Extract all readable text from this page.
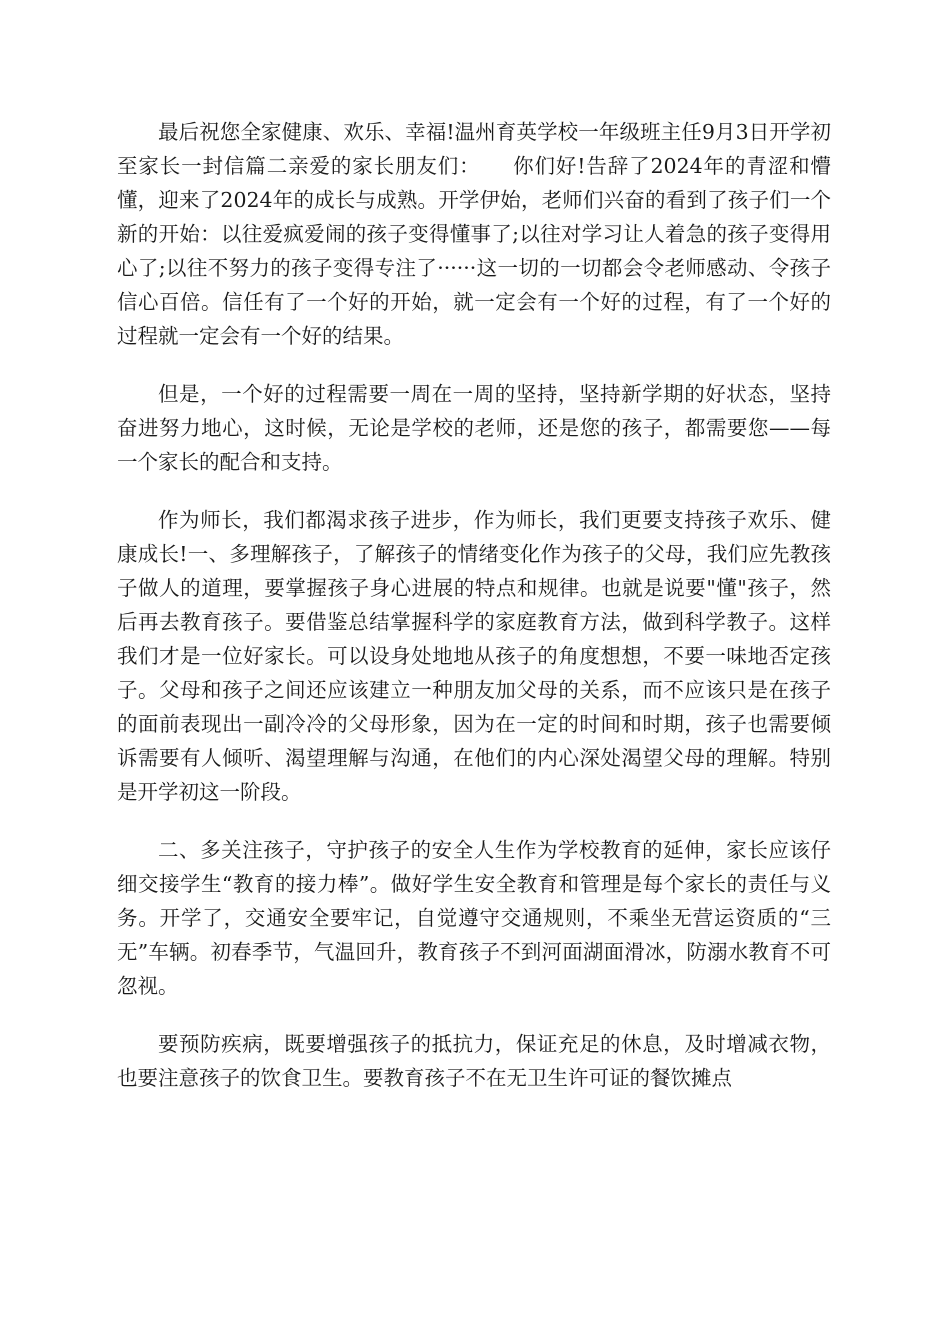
最后祝您全家健康、欢乐、幸福!温州育英学校一年级班主任9月3日开学初至家长一封信篇二亲爱的家长朋友们：　　你们好!告辞了2024年的青涩和懵懂，迎来了2024年的成长与成熟。开学伊始，老师们兴奋的看到了孩子们一个新的开始：以往爱疯爱闹的孩子变得懂事了;以往对学习让人着急的孩子变得用心了;以往不努力的孩子变得专注了······这一切的一切都会令老师感动、令孩子信心百倍。信任有了一个好的开始，就一定会有一个好的过程，有了一个好的过程就一定会有一个好的结果。

但是，一个好的过程需要一周在一周的坚持，坚持新学期的好状态，坚持奋进努力地心，这时候，无论是学校的老师，还是您的孩子，都需要您——每一个家长的配合和支持。

作为师长，我们都渴求孩子进步，作为师长，我们更要支持孩子欢乐、健康成长!一、多理解孩子，了解孩子的情绪变化作为孩子的父母，我们应先教孩子做人的道理，要掌握孩子身心进展的特点和规律。也就是说要"懂"孩子，然后再去教育孩子。要借鉴总结掌握科学的家庭教育方法，做到科学教子。这样我们才是一位好家长。可以设身处地地从孩子的角度想想，不要一味地否定孩子。父母和孩子之间还应该建立一种朋友加父母的关系，而不应该只是在孩子的面前表现出一副冷冷的父母形象，因为在一定的时间和时期，孩子也需要倾诉需要有人倾听、渴望理解与沟通，在他们的内心深处渴望父母的理解。特别是开学初这一阶段。

二、多关注孩子，守护孩子的安全人生作为学校教育的延伸，家长应该仔细交接学生“教育的接力棒”。做好学生安全教育和管理是每个家长的责任与义务。开学了，交通安全要牢记，自觉遵守交通规则，不乘坐无营运资质的“三无”车辆。初春季节，气温回升，教育孩子不到河面湖面滑冰，防溺水教育不可忽视。

要预防疾病，既要增强孩子的抵抗力，保证充足的休息，及时增减衣物，也要注意孩子的饮食卫生。要教育孩子不在无卫生许可证的餐饮摊点
